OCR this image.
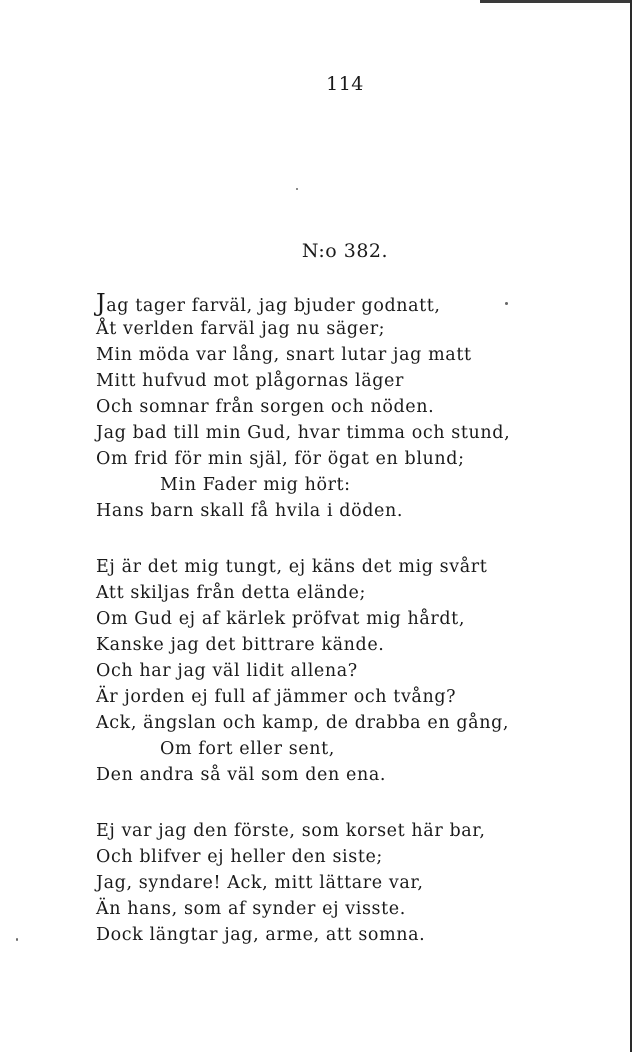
114
N:o 382.
Jag tager farväl, jag bjuder godnatt,
Åt verlden farväl jag nu säger;
Min möda var lång, snart lutar jag matt
Mitt hufvud mot plågornas läger
Och somnar från sorgen och nöden.
Jag bad till min Gud, hvar timma och stund,
Om frid för min själ, för ögat en blund;
Min Fader mig hört:
Hans barn skall få hvila i döden.
Ej är det mig tungt, ej käns det mig svårt
Att skiljas från detta elände;
Om Gud ej af kärlek pröfvat mig hårdt,
Kanske jag det bittrare kände.
Och har jag väl lidit allena?
Är jorden ej full af jämmer och tvång?
Ack, ängslan och kamp, de drabba en gång,
Om fort eller sent,
Den andra så väl som den ena.
Ej var jag den förste, som korset här bar,
Och blifver ej heller den siste;
Jag, syndare! Ack, mitt lättare var,
Än hans, som af synder ej visste.
Dock längtar jag, arme, att somna.
